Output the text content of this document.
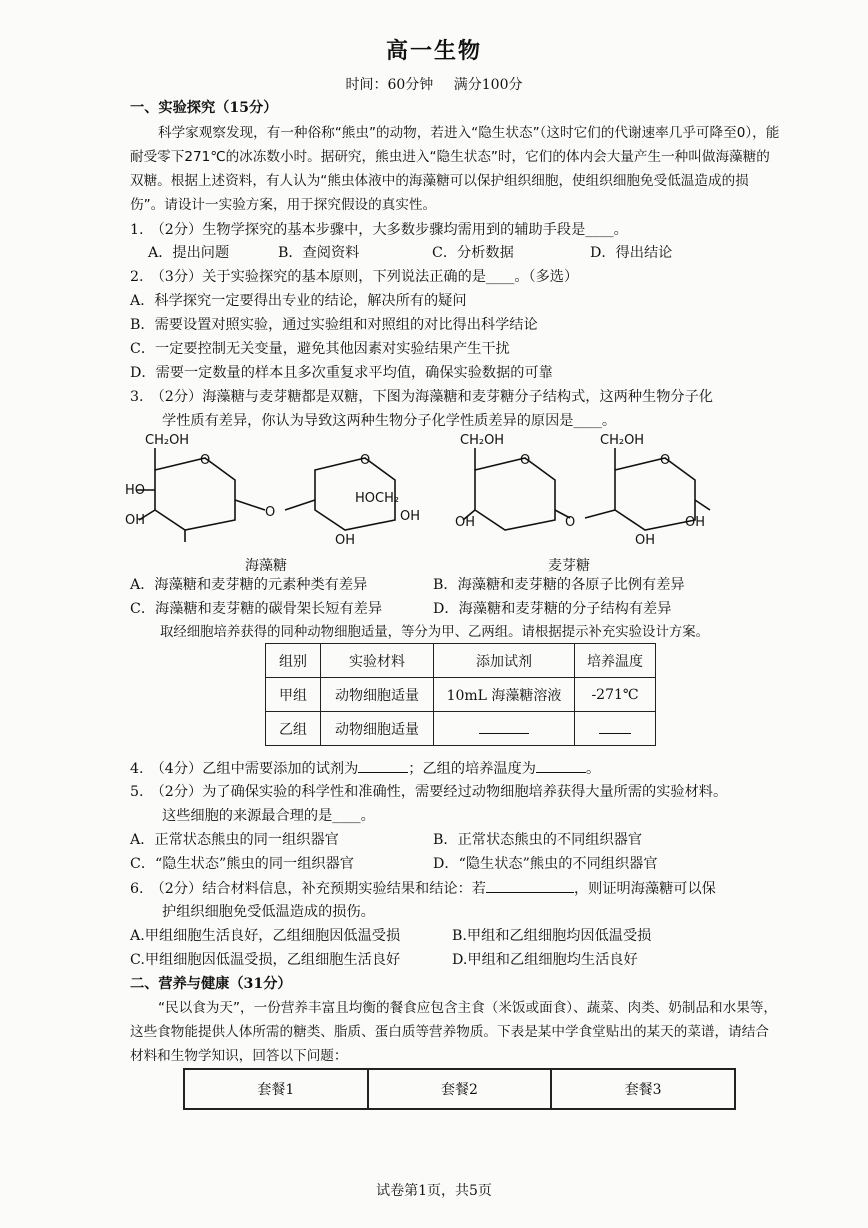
高一生物
时间：60分钟 满分100分
一、实验探究（15分）
科学家观察发现，有一种俗称“熊虫”的动物，若进入“隐生状态”（这时它们的代谢速率几乎可降至0），能耐受零下271℃的冰冻数小时。据研究，熊虫进入“隐生状态”时，它们的体内会大量产生一种叫做海藻糖的双糖。根据上述资料，有人认为“熊虫体液中的海藻糖可以保护组织细胞，使组织细胞免受低温造成的损伤”。请设计一实验方案，用于探究假设的真实性。
1.　（2分）生物学探究的基本步骤中，大多数步骤均需用到的辅助手段是____。
A．提出问题	B．查阅资料	C．分析数据	D．得出结论
2.　（3分）关于实验探究的基本原则，下列说法正确的是____。（多选）
A．科学探究一定要得出专业的结论，解决所有的疑问
B．需要设置对照实验，通过实验组和对照组的对比得出科学结论
C．一定要控制无关变量，避免其他因素对实验结果产生干扰
D．需要一定数量的样本且多次重复求平均值，确保实验数据的可靠
3.　（2分）海藻糖与麦芽糖都是双糖，下图为海藻糖和麦芽糖分子结构式，这两种生物分子化
学性质有差异，你认为导致这两种生物分子化学性质差异的原因是____。
CH₂OH
O
HO
OH
O
O
HOCH₂
OH
OH
CH₂OH
O
OH	O
CH₂OH
O
OH
OH
海藻糖	麦芽糖
A．海藻糖和麦芽糖的元素种类有差异	B．海藻糖和麦芽糖的各原子比例有差异
C．海藻糖和麦芽糖的碳骨架长短有差异	D．海藻糖和麦芽糖的分子结构有差异
取经细胞培养获得的同种动物细胞适量，等分为甲、乙两组。请根据提示补充实验设计方案。
组别	实验材料	添加试剂	培养温度
甲组	动物细胞适量	10mL 海藻糖溶液	-271℃
乙组	动物细胞适量		
4.　（4分）乙组中需要添加的试剂为	；乙组的培养温度为	。
5.　（2分）为了确保实验的科学性和准确性，需要经过动物细胞培养获得大量所需的实验材料。
这些细胞的来源最合理的是____。
A．正常状态熊虫的同一组织器官	B．正常状态熊虫的不同组织器官
C．“隐生状态”熊虫的同一组织器官	D．“隐生状态”熊虫的不同组织器官
6.　（2分）结合材料信息，补充预期实验结果和结论：若	，则证明海藻糖可以保
护组织细胞免受低温造成的损伤。
A.甲组细胞生活良好，乙组细胞因低温受损	B.甲组和乙组细胞均因低温受损
C.甲组细胞因低温受损，乙组细胞生活良好	D.甲组和乙组细胞均生活良好
二、营养与健康（31分）
“民以食为天”，一份营养丰富且均衡的餐食应包含主食（米饭或面食）、蔬菜、肉类、奶制品和水果等，这些食物能提供人体所需的糖类、脂质、蛋白质等营养物质。下表是某中学食堂贴出的某天的菜谱，请结合材料和生物学知识，回答以下问题：
套餐1	套餐2	套餐3
试卷第1页，共5页
